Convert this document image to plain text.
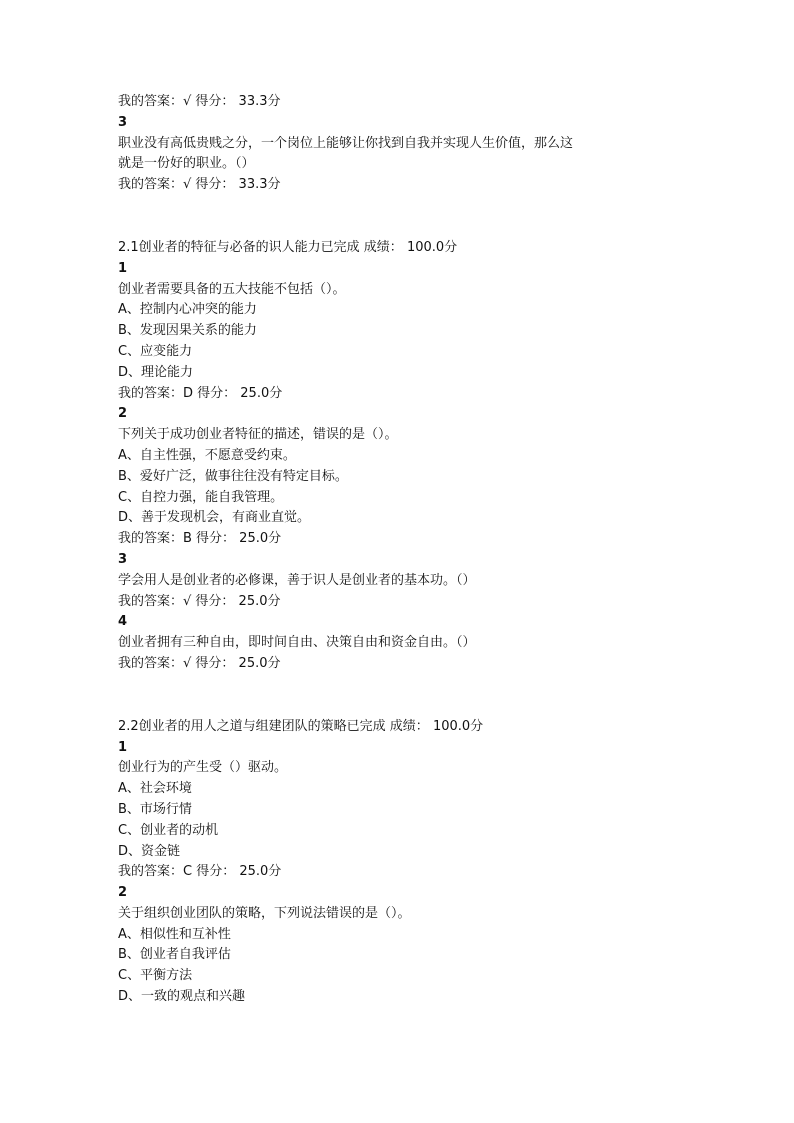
我的答案：√ 得分： 33.3分
3
职业没有高低贵贱之分，一个岗位上能够让你找到自我并实现人生价值，那么这
就是一份好的职业。（）
我的答案：√ 得分： 33.3分
2.1创业者的特征与必备的识人能力已完成 成绩： 100.0分
1
创业者需要具备的五大技能不包括（）。
A、控制内心冲突的能力
B、发现因果关系的能力
C、应变能力
D、理论能力
我的答案：D 得分： 25.0分
2
下列关于成功创业者特征的描述，错误的是（）。
A、自主性强，不愿意受约束。
B、爱好广泛，做事往往没有特定目标。
C、自控力强，能自我管理。
D、善于发现机会，有商业直觉。
我的答案：B 得分： 25.0分
3
学会用人是创业者的必修课，善于识人是创业者的基本功。（）
我的答案：√ 得分： 25.0分
4
创业者拥有三种自由，即时间自由、决策自由和资金自由。（）
我的答案：√ 得分： 25.0分
2.2创业者的用人之道与组建团队的策略已完成 成绩： 100.0分
1
创业行为的产生受（）驱动。
A、社会环境
B、市场行情
C、创业者的动机
D、资金链
我的答案：C 得分： 25.0分
2
关于组织创业团队的策略，下列说法错误的是（）。
A、相似性和互补性
B、创业者自我评估
C、平衡方法
D、一致的观点和兴趣
